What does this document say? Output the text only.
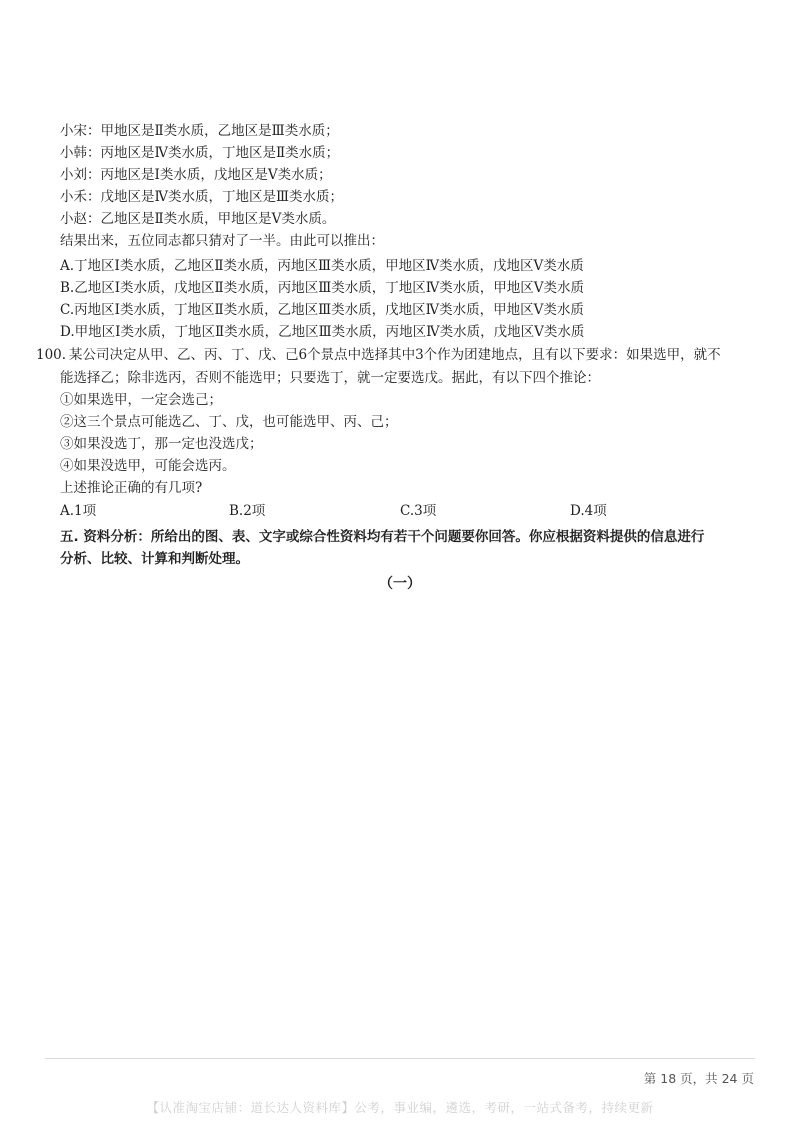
小宋：甲地区是Ⅱ类水质，乙地区是Ⅲ类水质；
小韩：丙地区是Ⅳ类水质，丁地区是Ⅱ类水质；
小刘：丙地区是Ⅰ类水质，戊地区是Ⅴ类水质；
小禾：戊地区是Ⅳ类水质，丁地区是Ⅲ类水质；
小赵：乙地区是Ⅱ类水质，甲地区是Ⅴ类水质。
结果出来，五位同志都只猜对了一半。由此可以推出：
A.丁地区Ⅰ类水质，乙地区Ⅱ类水质，丙地区Ⅲ类水质，甲地区Ⅳ类水质，戊地区Ⅴ类水质
B.乙地区Ⅰ类水质，戊地区Ⅱ类水质，丙地区Ⅲ类水质，丁地区Ⅳ类水质，甲地区Ⅴ类水质
C.丙地区Ⅰ类水质，丁地区Ⅱ类水质，乙地区Ⅲ类水质，戊地区Ⅳ类水质，甲地区Ⅴ类水质
D.甲地区Ⅰ类水质，丁地区Ⅱ类水质，乙地区Ⅲ类水质，丙地区Ⅳ类水质，戊地区Ⅴ类水质
100. 某公司决定从甲、乙、丙、丁、戊、己6个景点中选择其中3个作为团建地点，且有以下要求：如果选甲，就不
能选择乙；除非选丙，否则不能选甲；只要选丁，就一定要选戊。据此，有以下四个推论：
①如果选甲，一定会选己；
②这三个景点可能选乙、丁、戊，也可能选甲、丙、己；
③如果没选丁，那一定也没选戊；
④如果没选甲，可能会选丙。
上述推论正确的有几项?
A.1项	B.2项	C.3项	D.4项
五. 资料分析：所给出的图、表、文字或综合性资料均有若干个问题要你回答。你应根据资料提供的信息进行
分析、比较、计算和判断处理。
（一）
第 18 页，共 24 页
【认准淘宝店铺：道长达人资料库】公考，事业编，遴选，考研，一站式备考，持续更新
